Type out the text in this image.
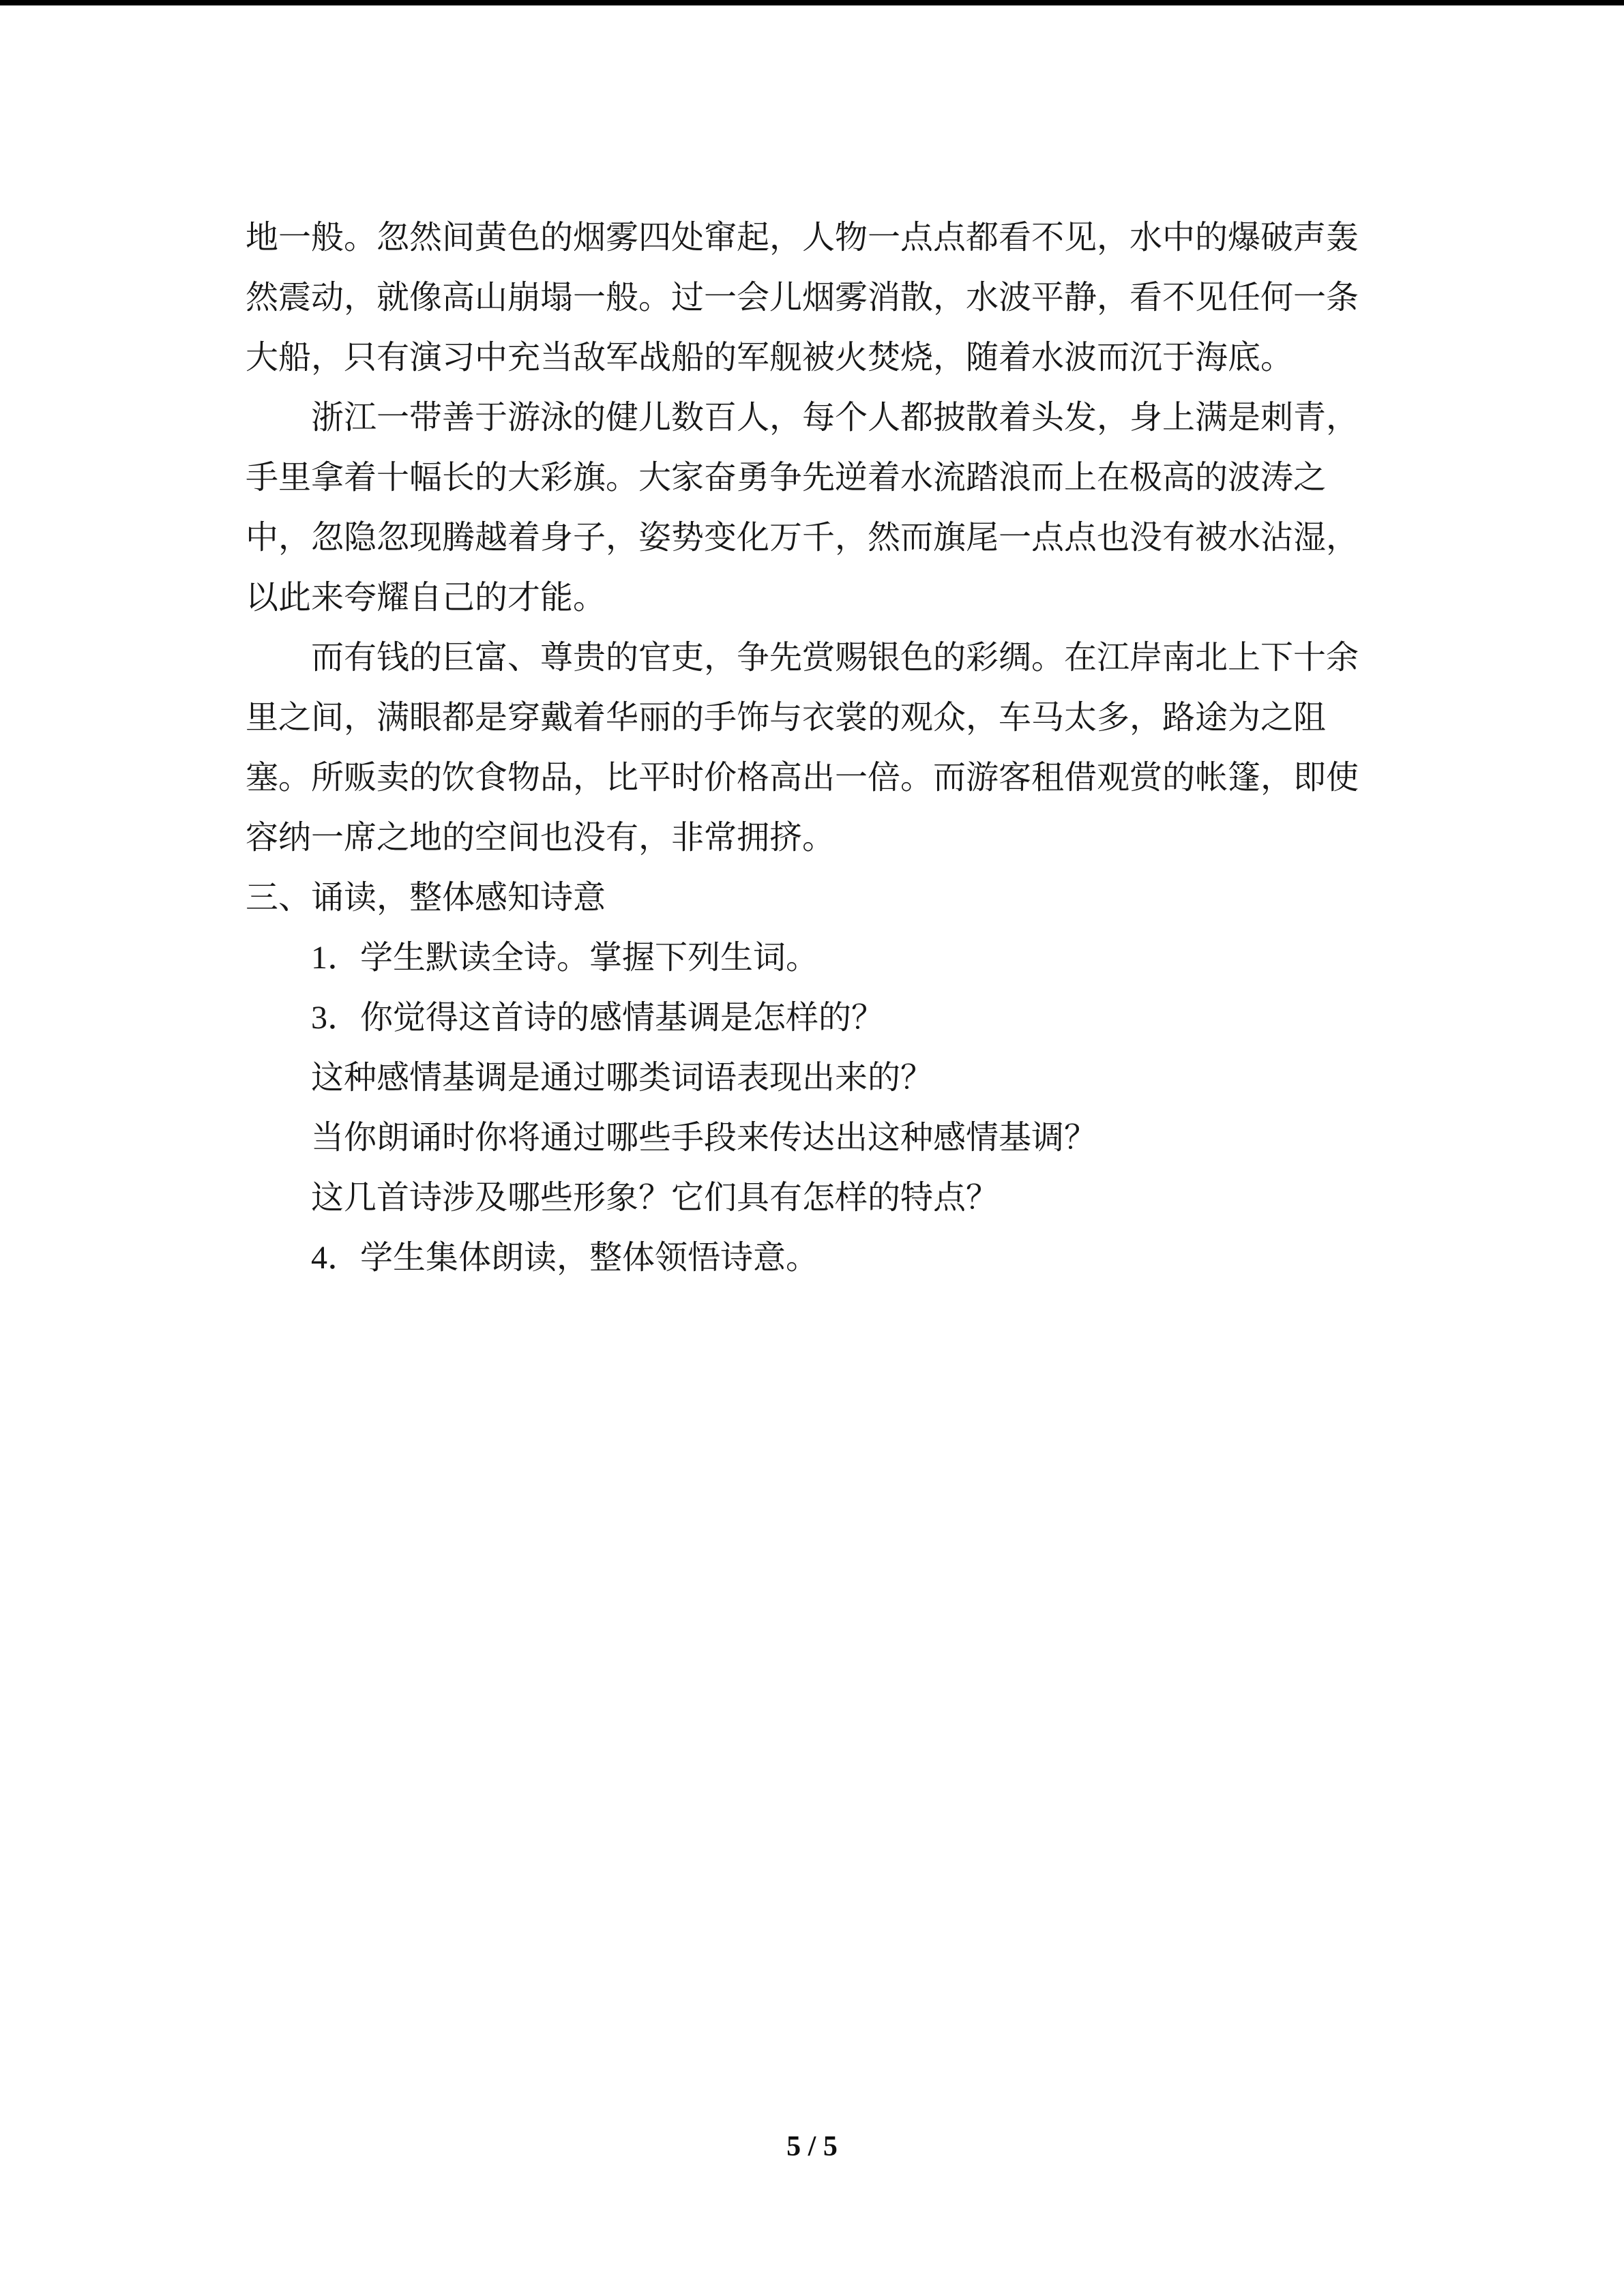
地一般。忽然间黄色的烟雾四处窜起，人物一点点都看不见，水中的爆破声轰
然震动，就像高山崩塌一般。过一会儿烟雾消散，水波平静，看不见任何一条
大船，只有演习中充当敌军战船的军舰被火焚烧，随着水波而沉于海底。
浙江一带善于游泳的健儿数百人，每个人都披散着头发，身上满是刺青，
手里拿着十幅长的大彩旗。大家奋勇争先逆着水流踏浪而上在极高的波涛之
中，忽隐忽现腾越着身子，姿势变化万千，然而旗尾一点点也没有被水沾湿，
以此来夸耀自己的才能。
而有钱的巨富、尊贵的官吏，争先赏赐银色的彩绸。在江岸南北上下十余
里之间，满眼都是穿戴着华丽的手饰与衣裳的观众，车马太多，路途为之阻
塞。所贩卖的饮食物品，比平时价格高出一倍。而游客租借观赏的帐篷，即使
容纳一席之地的空间也没有，非常拥挤。
三、诵读，整体感知诗意
1．学生默读全诗。掌握下列生词。
3．你觉得这首诗的感情基调是怎样的？
这种感情基调是通过哪类词语表现出来的？
当你朗诵时你将通过哪些手段来传达出这种感情基调？
这几首诗涉及哪些形象？它们具有怎样的特点？
4．学生集体朗读，整体领悟诗意。
5 / 5
